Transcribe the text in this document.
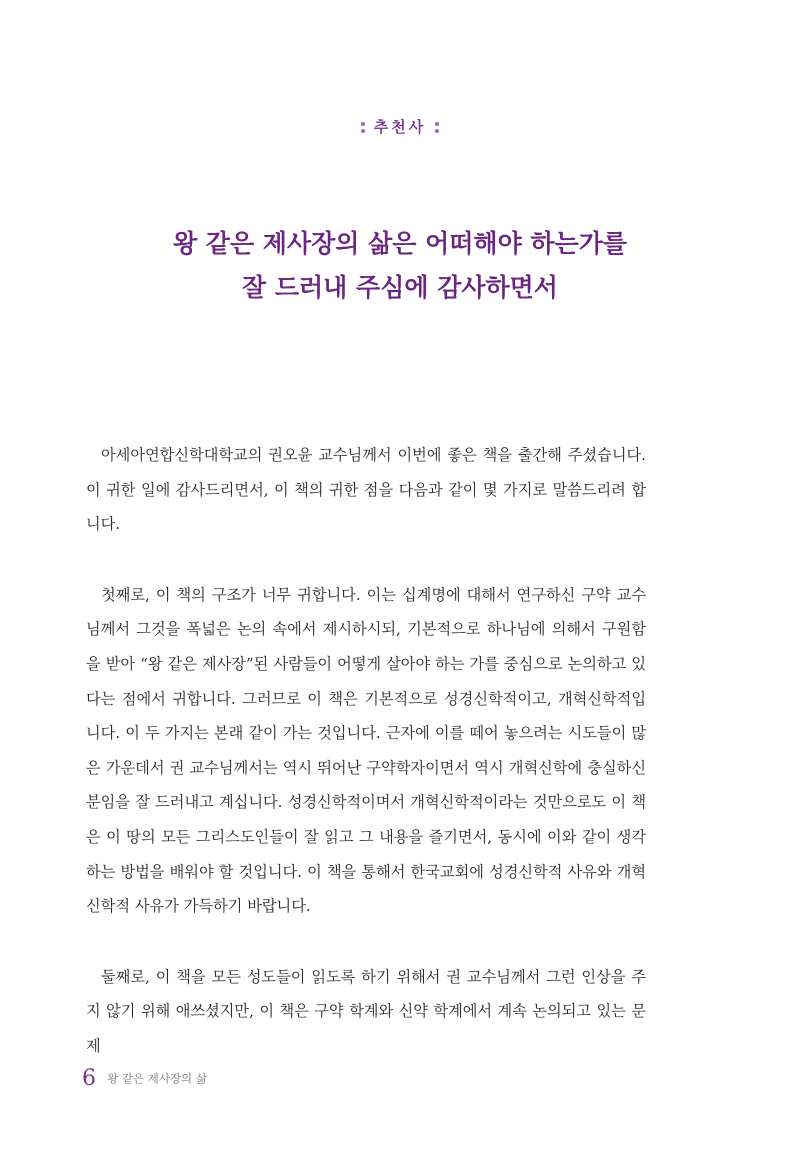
추천사
왕 같은 제사장의 삶은 어떠해야 하는가를
잘 드러내 주심에 감사하면서

아세아연합신학대학교의 권오윤 교수님께서 이번에 좋은 책을 출간해 주셨습니다. 이 귀한 일에 감사드리면서, 이 책의 귀한 점을 다음과 같이 몇 가지로 말씀드리려 합니다.

첫째로, 이 책의 구조가 너무 귀합니다. 이는 십계명에 대해서 연구하신 구약 교수님께서 그것을 폭넓은 논의 속에서 제시하시되, 기본적으로 하나님에 의해서 구원함을 받아 “왕 같은 제사장”된 사람들이 어떻게 살아야 하는 가를 중심으로 논의하고 있다는 점에서 귀합니다. 그러므로 이 책은 기본적으로 성경신학적이고, 개혁신학적입니다. 이 두 가지는 본래 같이 가는 것입니다. 근자에 이를 떼어 놓으려는 시도들이 많은 가운데서 권 교수님께서는 역시 뛰어난 구약학자이면서 역시 개혁신학에 충실하신 분임을 잘 드러내고 계십니다. 성경신학적이며서 개혁신학적이라는 것만으로도 이 책은 이 땅의 모든 그리스도인들이 잘 읽고 그 내용을 즐기면서, 동시에 이와 같이 생각하는 방법을 배워야 할 것입니다. 이 책을 통해서 한국교회에 성경신학적 사유와 개혁신학적 사유가 가득하기 바랍니다.

둘째로, 이 책을 모든 성도들이 읽도록 하기 위해서 권 교수님께서 그런 인상을 주지 않기 위해 애쓰셨지만, 이 책은 구약 학계와 신약 학계에서 계속 논의되고 있는 문제

6 왕 같은 제사장의 삶
